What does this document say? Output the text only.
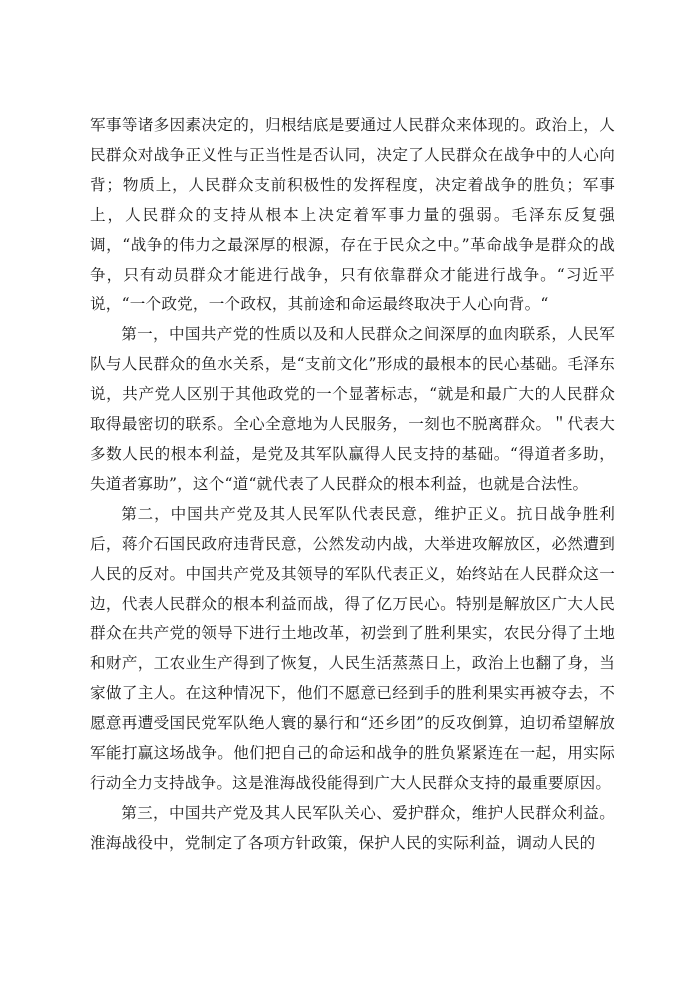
军事等诸多因素决定的，归根结底是要通过人民群众来体现的。政治上，人民群众对战争正义性与正当性是否认同，决定了人民群众在战争中的人心向背；物质上，人民群众支前积极性的发挥程度，决定着战争的胜负；军事上，人民群众的支持从根本上决定着军事力量的强弱。毛泽东反复强调，“战争的伟力之最深厚的根源，存在于民众之中。”革命战争是群众的战争，只有动员群众才能进行战争，只有依靠群众才能进行战争。“习近平说，“一个政党，一个政权，其前途和命运最终取决于人心向背。“

第一，中国共产党的性质以及和人民群众之间深厚的血肉联系，人民军队与人民群众的鱼水关系，是“支前文化”形成的最根本的民心基础。毛泽东说，共产党人区别于其他政党的一个显著标志，“就是和最广大的人民群众取得最密切的联系。全心全意地为人民服务，一刻也不脱离群众。＂代表大多数人民的根本利益，是党及其军队赢得人民支持的基础。“得道者多助，失道者寡助”，这个“道“就代表了人民群众的根本利益，也就是合法性。

第二，中国共产党及其人民军队代表民意，维护正义。抗日战争胜利后，蒋介石国民政府违背民意，公然发动内战，大举进攻解放区，必然遭到人民的反对。中国共产党及其领导的军队代表正义，始终站在人民群众这一边，代表人民群众的根本利益而战，得了亿万民心。特别是解放区广大人民群众在共产党的领导下进行土地改革，初尝到了胜利果实，农民分得了土地和财产，工农业生产得到了恢复，人民生活蒸蒸日上，政治上也翻了身，当家做了主人。在这种情况下，他们不愿意已经到手的胜利果实再被夺去，不愿意再遭受国民党军队绝人寰的暴行和“还乡团”的反攻倒算，迫切希望解放军能打赢这场战争。他们把自己的命运和战争的胜负紧紧连在一起，用实际行动全力支持战争。这是淮海战役能得到广大人民群众支持的最重要原因。

第三，中国共产党及其人民军队关心、爱护群众，维护人民群众利益。淮海战役中，党制定了各项方针政策，保护人民的实际利益，调动人民的
